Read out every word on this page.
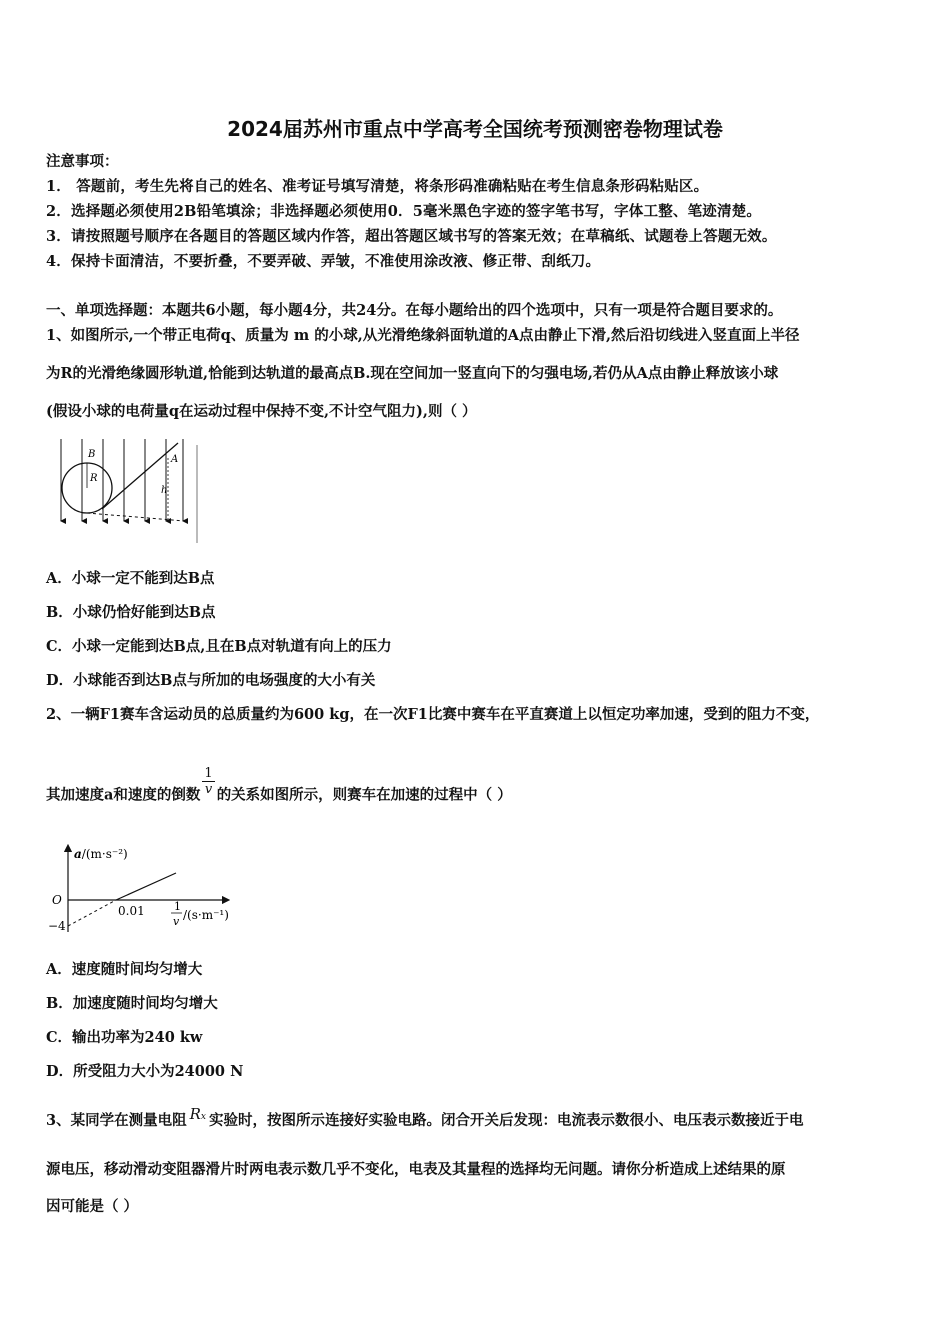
2024届苏州市重点中学高考全国统考预测密卷物理试卷
注意事项：
1． 答题前，考生先将自己的姓名、准考证号填写清楚，将条形码准确粘贴在考生信息条形码粘贴区。
2．选择题必须使用2B铅笔填涂；非选择题必须使用0．5毫米黑色字迹的签字笔书写，字体工整、笔迹清楚。
3．请按照题号顺序在各题目的答题区域内作答，超出答题区域书写的答案无效；在草稿纸、试题卷上答题无效。
4．保持卡面清洁，不要折叠，不要弄破、弄皱，不准使用涂改液、修正带、刮纸刀。
一、单项选择题：本题共6小题，每小题4分，共24分。在每小题给出的四个选项中，只有一项是符合题目要求的。
1、如图所示,一个带正电荷q、质量为 m 的小球,从光滑绝缘斜面轨道的A点由静止下滑,然后沿切线进入竖直面上半径
为R的光滑绝缘圆形轨道,恰能到达轨道的最高点B.现在空间加一竖直向下的匀强电场,若仍从A点由静止释放该小球
(假设小球的电荷量q在运动过程中保持不变,不计空气阻力),则（ ）
B
R
A
h
A．小球一定不能到达B点
B．小球仍恰好能到达B点
C．小球一定能到达B点,且在B点对轨道有向上的压力
D．小球能否到达B点与所加的电场强度的大小有关
2、一辆F1赛车含运动员的总质量约为600 kg，在一次F1比赛中赛车在平直赛道上以恒定功率加速，受到的阻力不变，
其加速度a和速度的倒数 $\frac{1}{v}$ 的关系如图所示，则赛车在加速的过程中（ ）
a/(m·s⁻²)
O
−4
0.01	1
v /(s·m⁻¹)
A．速度随时间均匀增大
B．加速度随时间均匀增大
C．输出功率为240 kw
D．所受阻力大小为24000 N
3、某同学在测量电阻 Rx 实验时，按图所示连接好实验电路。闭合开关后发现：电流表示数很小、电压表示数接近于电
源电压，移动滑动变阻器滑片时两电表示数几乎不变化，电表及其量程的选择均无问题。请你分析造成上述结果的原
因可能是（ ）
